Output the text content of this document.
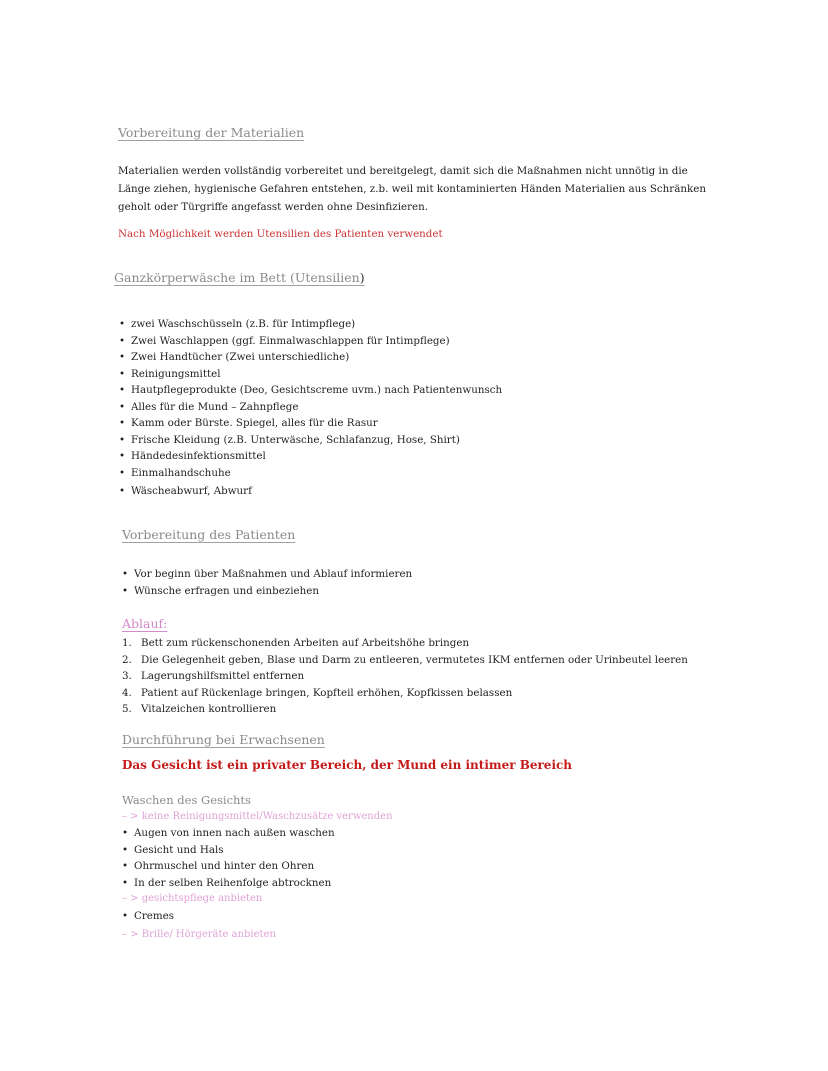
Vorbereitung der Materialien
Materialien werden vollständig vorbereitet und bereitgelegt, damit sich die Maßnahmen nicht unnötig in die Länge ziehen, hygienische Gefahren entstehen, z.b. weil mit kontaminierten Händen Materialien aus Schränken geholt oder Türgriffe angefasst werden ohne Desinfizieren.
Nach Möglichkeit werden Utensilien des Patienten verwendet
Ganzkörperwäsche im Bett (Utensilien)
• zwei Waschschüsseln (z.B. für Intimpflege)
• Zwei Waschlappen (ggf. Einmalwaschlappen für Intimpflege)
• Zwei Handtücher (Zwei unterschiedliche)
• Reinigungsmittel
• Hautpflegeprodukte (Deo, Gesichtscreme uvm.) nach Patientenwunsch
• Alles für die Mund – Zahnpflege
• Kamm oder Bürste. Spiegel, alles für die Rasur
• Frische Kleidung (z.B. Unterwäsche, Schlafanzug, Hose, Shirt)
• Händedesinfektionsmittel
• Einmalhandschuhe
• Wäscheabwurf, Abwurf
Vorbereitung des Patienten
• Vor beginn über Maßnahmen und Ablauf informieren
• Wünsche erfragen und einbeziehen
Ablauf:
1. Bett zum rückenschonenden Arbeiten auf Arbeitshöhe bringen
2. Die Gelegenheit geben, Blase und Darm zu entleeren, vermutetes IKM entfernen oder Urinbeutel leeren
3. Lagerungshilfsmittel entfernen
4. Patient auf Rückenlage bringen, Kopfteil erhöhen, Kopfkissen belassen
5. Vitalzeichen kontrollieren
Durchführung bei Erwachsenen
Das Gesicht ist ein privater Bereich, der Mund ein intimer Bereich
Waschen des Gesichts
– > keine Reinigungsmittel/Waschzusätze verwenden
• Augen von innen nach außen waschen
• Gesicht und Hals
• Ohrmuschel und hinter den Ohren
• In der selben Reihenfolge abtrocknen
– > gesichtspflege anbieten
• Cremes
– > Brille/ Hörgeräte anbieten
